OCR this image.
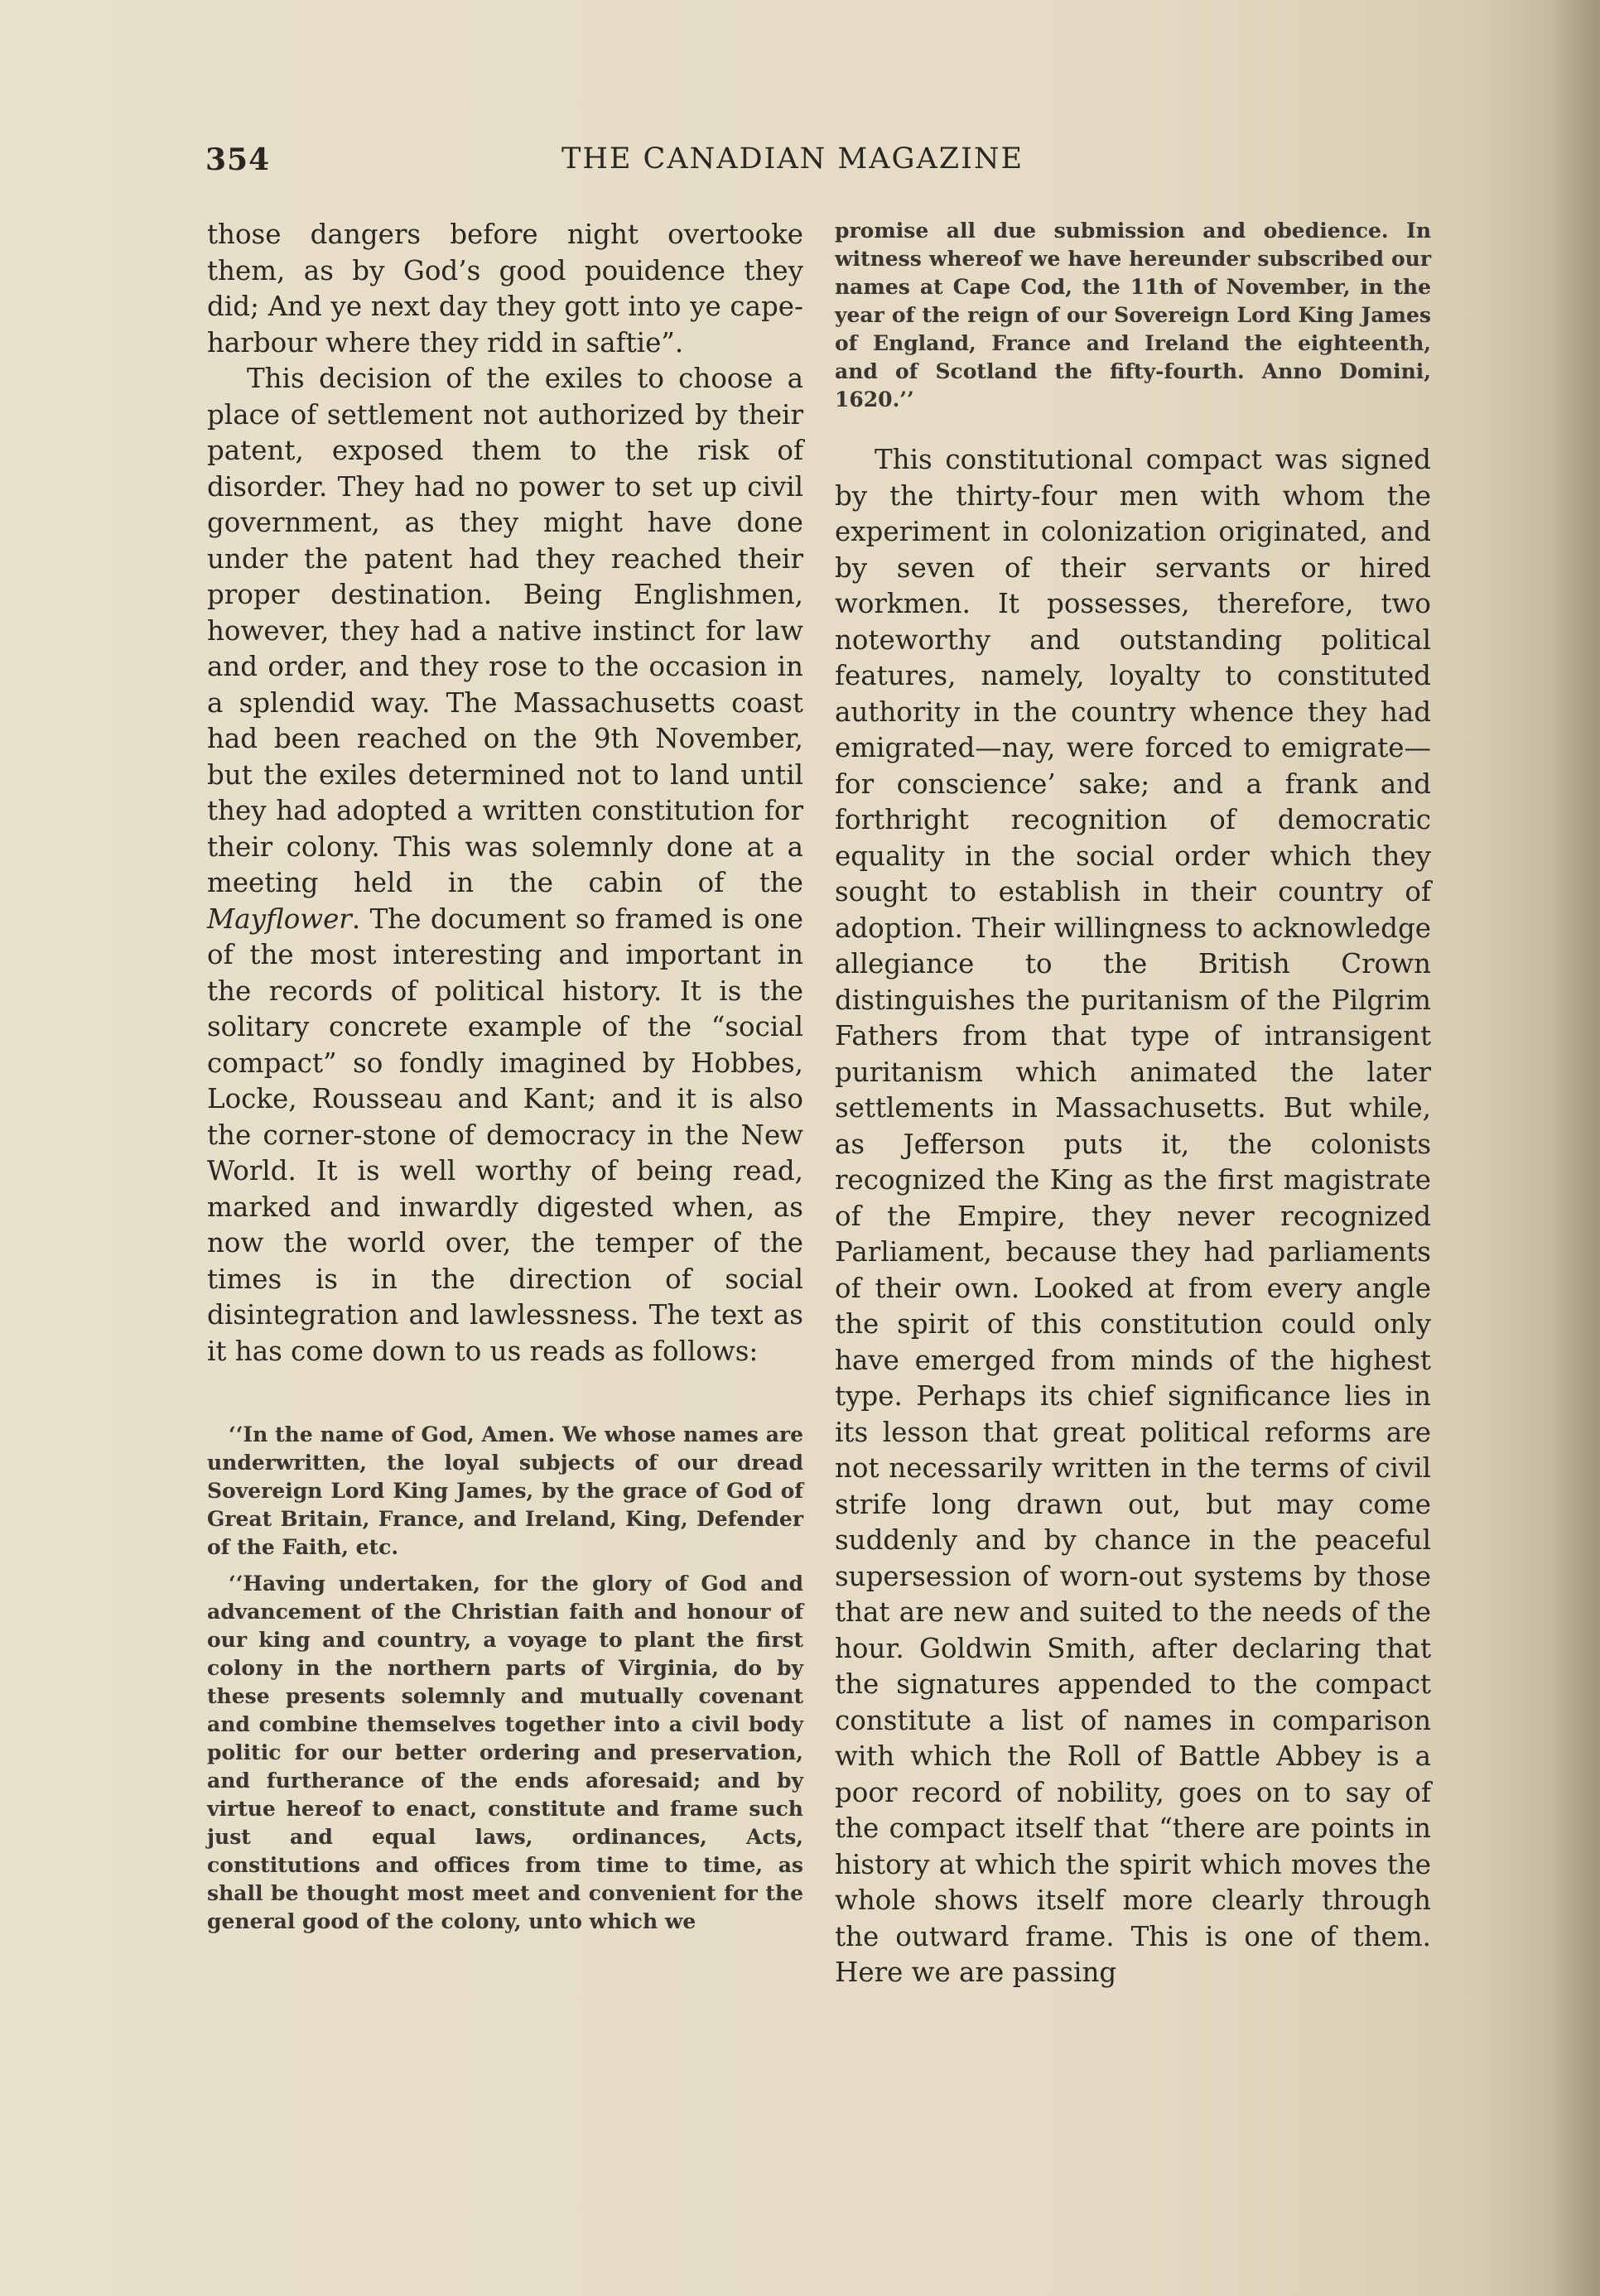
354	THE CANADIAN MAGAZINE

those dangers before night overtooke them, as by God’s good pouidence they did; And ye next day they gott into ye cape-harbour where they ridd in saftie”.

This decision of the exiles to choose a place of settlement not authorized by their patent, exposed them to the risk of disorder. They had no power to set up civil government, as they might have done under the patent had they reached their proper destination. Being Englishmen, however, they had a native instinct for law and order, and they rose to the occasion in a splendid way. The Massachusetts coast had been reached on the 9th November, but the exiles determined not to land until they had adopted a written constitution for their colony. This was solemnly done at a meeting held in the cabin of the Mayflower. The document so framed is one of the most interesting and important in the records of political history. It is the solitary concrete example of the “social compact” so fondly imagined by Hobbes, Locke, Rousseau and Kant; and it is also the corner-stone of democracy in the New World. It is well worthy of being read, marked and inwardly digested when, as now the world over, the temper of the times is in the direction of social disintegration and lawlessness. The text as it has come down to us reads as follows:

‘‘In the name of God, Amen. We whose names are underwritten, the loyal subjects of our dread Sovereign Lord King James, by the grace of God of Great Britain, France, and Ireland, King, Defender of the Faith, etc.

‘‘Having undertaken, for the glory of God and advancement of the Christian faith and honour of our king and country, a voyage to plant the first colony in the northern parts of Virginia, do by these presents solemnly and mutually covenant and combine themselves together into a civil body politic for our better ordering and preservation, and furtherance of the ends aforesaid; and by virtue hereof to enact, constitute and frame such just and equal laws, ordinances, Acts, constitutions and offices from time to time, as shall be thought most meet and convenient for the general good of the colony, unto which we

promise all due submission and obedience. In witness whereof we have hereunder subscribed our names at Cape Cod, the 11th of November, in the year of the reign of our Sovereign Lord King James of England, France and Ireland the eighteenth, and of Scotland the fifty-fourth. Anno Domini, 1620.’’

This constitutional compact was signed by the thirty-four men with whom the experiment in colonization originated, and by seven of their servants or hired workmen. It possesses, therefore, two noteworthy and outstanding political features, namely, loyalty to constituted authority in the country whence they had emigrated—nay, were forced to emigrate—for conscience’ sake; and a frank and forthright recognition of democratic equality in the social order which they sought to establish in their country of adoption. Their willingness to acknowledge allegiance to the British Crown distinguishes the puritanism of the Pilgrim Fathers from that type of intransigent puritanism which animated the later settlements in Massachusetts. But while, as Jefferson puts it, the colonists recognized the King as the first magistrate of the Empire, they never recognized Parliament, because they had parliaments of their own. Looked at from every angle the spirit of this constitution could only have emerged from minds of the highest type. Perhaps its chief significance lies in its lesson that great political reforms are not necessarily written in the terms of civil strife long drawn out, but may come suddenly and by chance in the peaceful supersession of worn-out systems by those that are new and suited to the needs of the hour. Goldwin Smith, after declaring that the signatures appended to the compact constitute a list of names in comparison with which the Roll of Battle Abbey is a poor record of nobility, goes on to say of the compact itself that “there are points in history at which the spirit which moves the whole shows itself more clearly through the outward frame. This is one of them. Here we are passing
